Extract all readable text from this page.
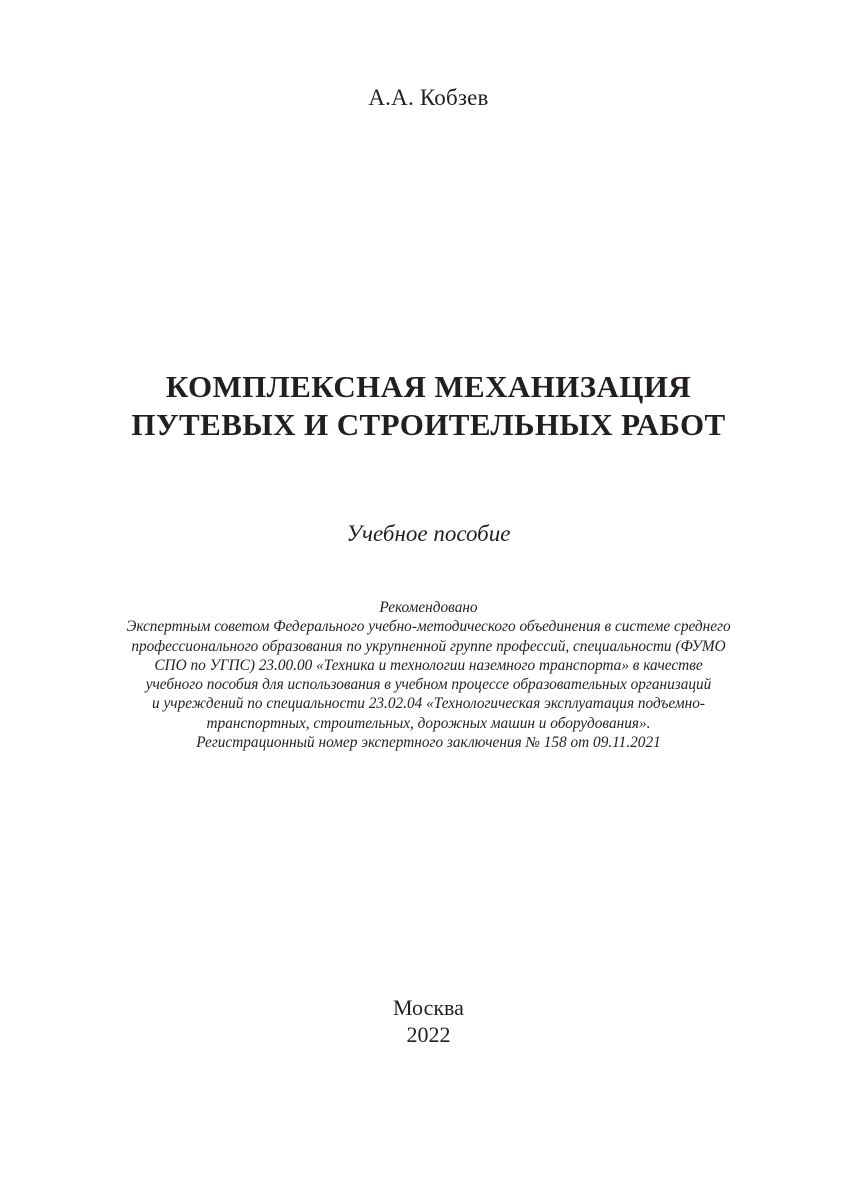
А.А. Кобзев
КОМПЛЕКСНАЯ МЕХАНИЗАЦИЯ
ПУТЕВЫХ И СТРОИТЕЛЬНЫХ РАБОТ
Учебное пособие
Рекомендовано
Экспертным советом Федерального учебно-методического объединения в системе среднего
профессионального образования по укрупненной группе профессий, специальности (ФУМО
СПО по УГПС) 23.00.00 «Техника и технологии наземного транспорта» в качестве
учебного пособия для использования в учебном процессе образовательных организаций
и учреждений по специальности 23.02.04 «Технологическая эксплуатация подъемно-
транспортных, строительных, дорожных машин и оборудования».
Регистрационный номер экспертного заключения № 158 от 09.11.2021
Москва
2022
